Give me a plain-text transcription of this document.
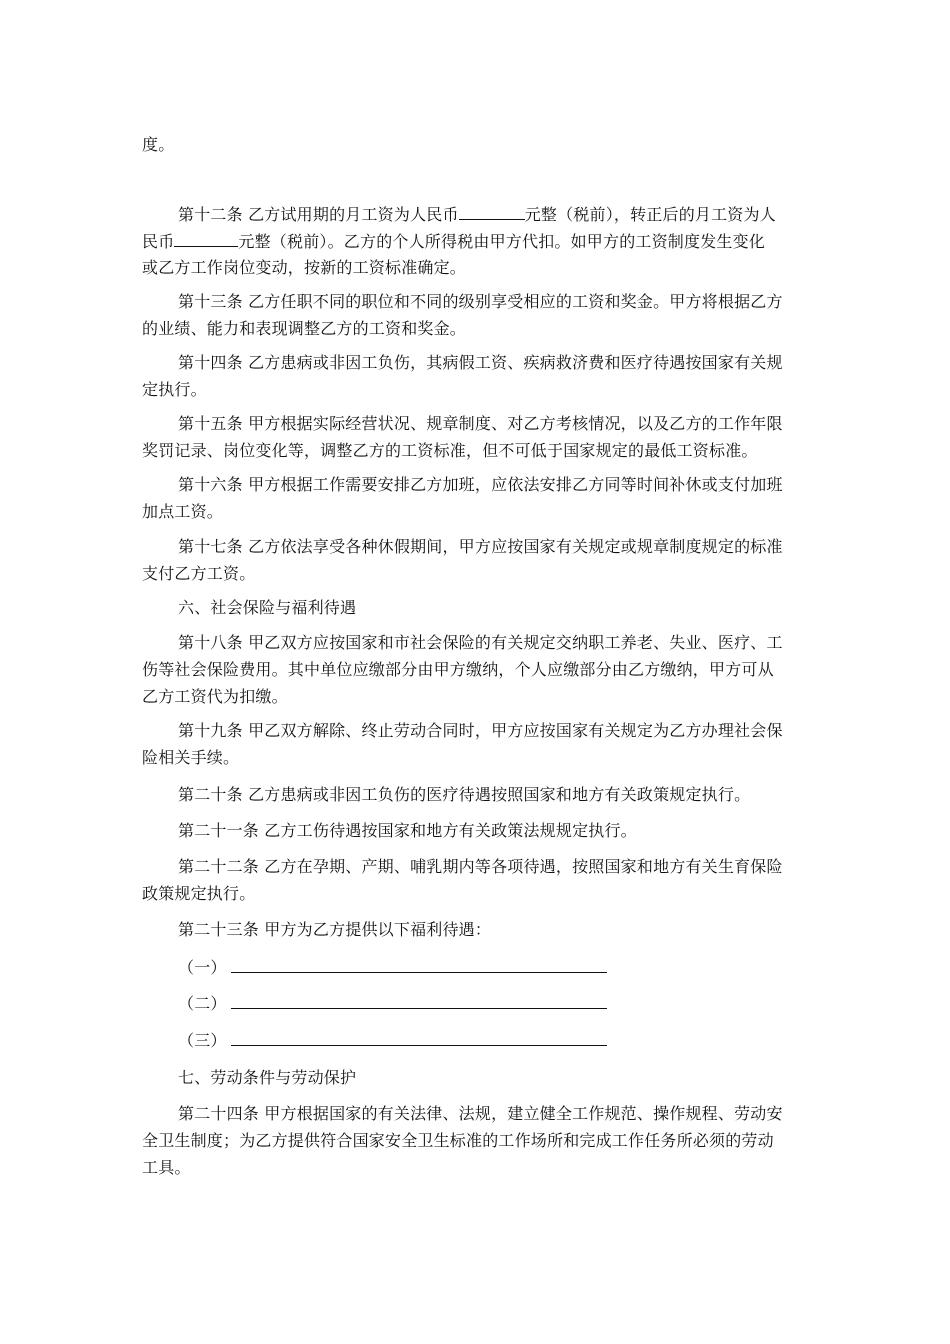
度。
第十二条 乙方试用期的月工资为人民币	元整（税前），转正后的月工资为人
民币	元整（税前）。乙方的个人所得税由甲方代扣。如甲方的工资制度发生变化
或乙方工作岗位变动，按新的工资标准确定。
第十三条 乙方任职不同的职位和不同的级别享受相应的工资和奖金。甲方将根据乙方
的业绩、能力和表现调整乙方的工资和奖金。
第十四条 乙方患病或非因工负伤，其病假工资、疾病救济费和医疗待遇按国家有关规
定执行。
第十五条 甲方根据实际经营状况、规章制度、对乙方考核情况，以及乙方的工作年限
奖罚记录、岗位变化等，调整乙方的工资标准，但不可低于国家规定的最低工资标准。
第十六条 甲方根据工作需要安排乙方加班，应依法安排乙方同等时间补休或支付加班
加点工资。
第十七条 乙方依法享受各种休假期间，甲方应按国家有关规定或规章制度规定的标准
支付乙方工资。
六、社会保险与福利待遇
第十八条 甲乙双方应按国家和市社会保险的有关规定交纳职工养老、失业、医疗、工
伤等社会保险费用。其中单位应缴部分由甲方缴纳，个人应缴部分由乙方缴纳，甲方可从
乙方工资代为扣缴。
第十九条 甲乙双方解除、终止劳动合同时，甲方应按国家有关规定为乙方办理社会保
险相关手续。
第二十条 乙方患病或非因工负伤的医疗待遇按照国家和地方有关政策规定执行。
第二十一条 乙方工伤待遇按国家和地方有关政策法规规定执行。
第二十二条 乙方在孕期、产期、哺乳期内等各项待遇，按照国家和地方有关生育保险
政策规定执行。
第二十三条 甲方为乙方提供以下福利待遇：
（一）
（二）
（三）
七、劳动条件与劳动保护
第二十四条 甲方根据国家的有关法律、法规，建立健全工作规范、操作规程、劳动安
全卫生制度；为乙方提供符合国家安全卫生标准的工作场所和完成工作任务所必须的劳动
工具。
